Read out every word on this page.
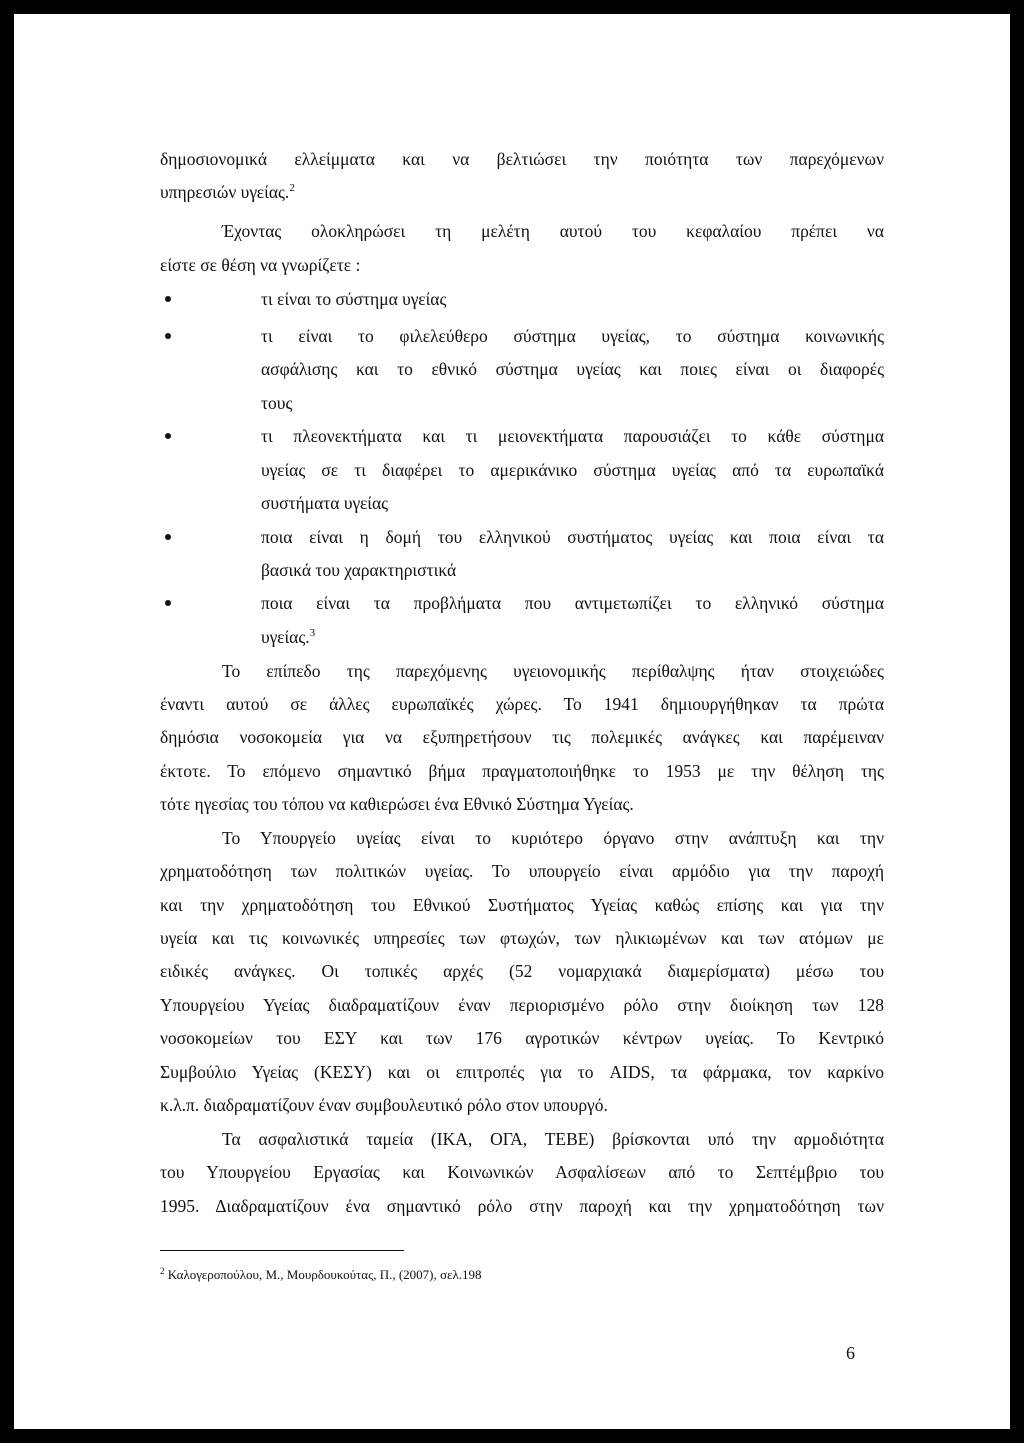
δημοσιονομικά ελλείμματα και να βελτιώσει την ποιότητα των παρεχόμενων
υπηρεσιών υγείας.$^2$
Έχοντας ολοκληρώσει τη μελέτη αυτού του κεφαλαίου πρέπει να
είστε σε θέση να γνωρίζετε :
τι είναι το σύστημα υγείας
τι είναι το φιλελεύθερο σύστημα υγείας, το σύστημα κοινωνικής
ασφάλισης και το εθνικό σύστημα υγείας και ποιες είναι οι διαφορές
τους
τι πλεονεκτήματα και τι μειονεκτήματα παρουσιάζει το κάθε σύστημα
υγείας σε τι διαφέρει το αμερικάνικο σύστημα υγείας από τα ευρωπαϊκά
συστήματα υγείας
ποια είναι η δομή του ελληνικού συστήματος υγείας και ποια είναι τα
βασικά του χαρακτηριστικά
ποια είναι τα προβλήματα που αντιμετωπίζει το ελληνικό σύστημα
υγείας.$^3$
Το επίπεδο της παρεχόμενης υγειονομικής περίθαλψης ήταν στοιχειώδες
έναντι αυτού σε άλλες ευρωπαϊκές χώρες. Το 1941 δημιουργήθηκαν τα πρώτα
δημόσια νοσοκομεία για να εξυπηρετήσουν τις πολεμικές ανάγκες και παρέμειναν
έκτοτε. Το επόμενο σημαντικό βήμα πραγματοποιήθηκε το 1953 με την θέληση της
τότε ηγεσίας του τόπου να καθιερώσει ένα Εθνικό Σύστημα Υγείας.
Το Υπουργείο υγείας είναι το κυριότερο όργανο στην ανάπτυξη και την
χρηματοδότηση των πολιτικών υγείας. Το υπουργείο είναι αρμόδιο για την παροχή
και την χρηματοδότηση του Εθνικού Συστήματος Υγείας καθώς επίσης και για την
υγεία και τις κοινωνικές υπηρεσίες των φτωχών, των ηλικιωμένων και των ατόμων με
ειδικές ανάγκες. Οι τοπικές αρχές (52 νομαρχιακά διαμερίσματα) μέσω του
Υπουργείου Υγείας διαδραματίζουν έναν περιορισμένο ρόλο στην διοίκηση των 128
νοσοκομείων του ΕΣΥ και των 176 αγροτικών κέντρων υγείας. Το Κεντρικό
Συμβούλιο Υγείας (ΚΕΣΥ) και οι επιτροπές για το AIDS, τα φάρμακα, τον καρκίνο
κ.λ.π. διαδραματίζουν έναν συμβουλευτικό ρόλο στον υπουργό.
Τα ασφαλιστικά ταμεία (ΙΚΑ, ΟΓΑ, ΤΕΒΕ) βρίσκονται υπό την αρμοδιότητα
του Υπουργείου Εργασίας και Κοινωνικών Ασφαλίσεων από το Σεπτέμβριο του
1995. Διαδραματίζουν ένα σημαντικό ρόλο στην παροχή και την χρηματοδότηση των
$^2$ Καλογεροπούλου, Μ., Μουρδουκούτας, Π., (2007), σελ.198
6
